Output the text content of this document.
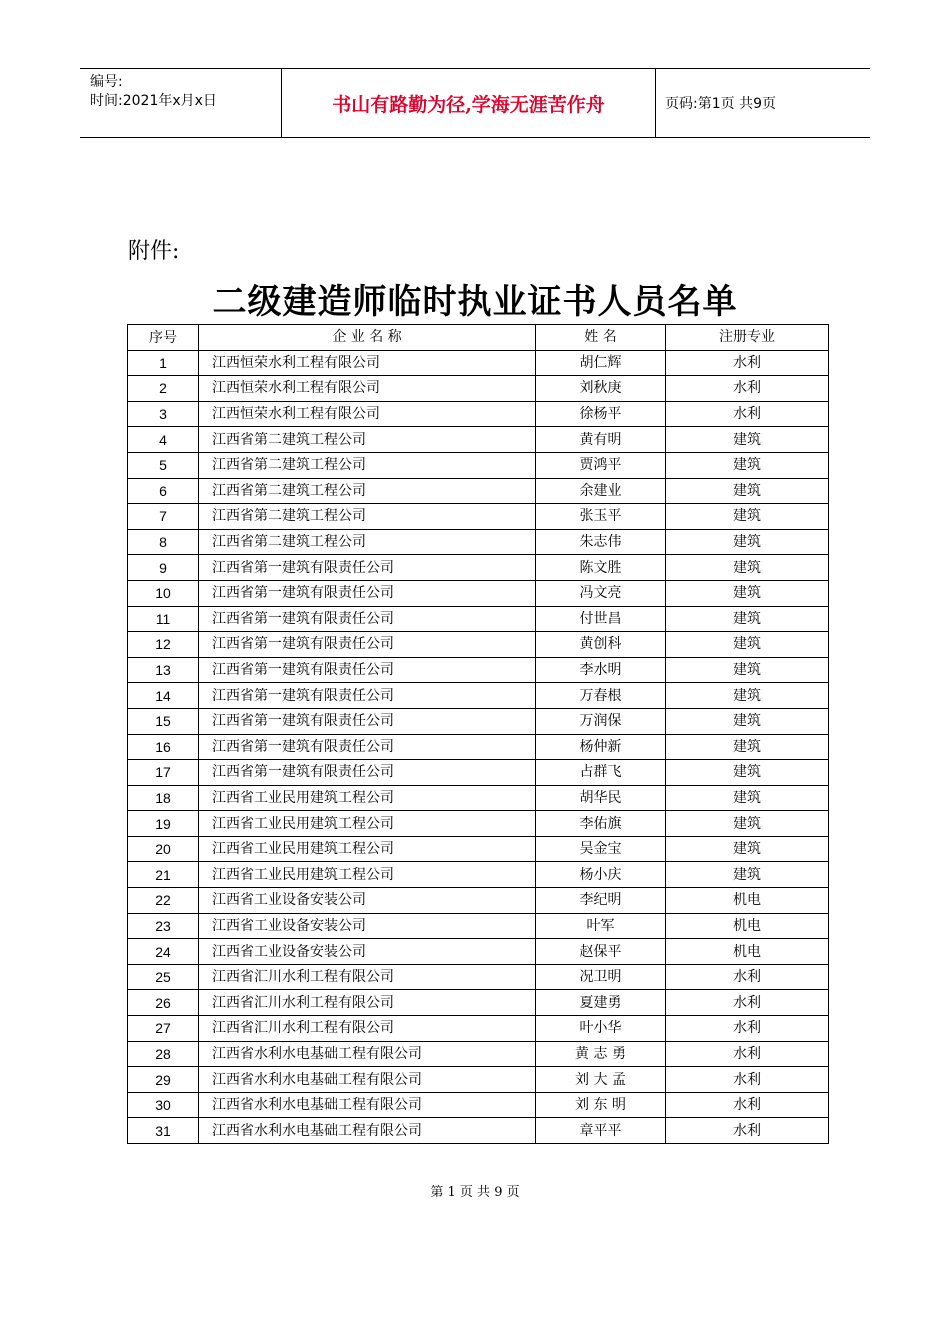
编号:
时间:2021年x月x日	书山有路勤为径,学海无涯苦作舟	页码:第1页 共9页
附件:
二级建造师临时执业证书人员名单
序号	企 业 名 称	姓 名	注册专业
1	江西恒荣水利工程有限公司	胡仁辉	水利
2	江西恒荣水利工程有限公司	刘秋庚	水利
3	江西恒荣水利工程有限公司	徐杨平	水利
4	江西省第二建筑工程公司	黄有明	建筑
5	江西省第二建筑工程公司	贾鸿平	建筑
6	江西省第二建筑工程公司	余建业	建筑
7	江西省第二建筑工程公司	张玉平	建筑
8	江西省第二建筑工程公司	朱志伟	建筑
9	江西省第一建筑有限责任公司	陈文胜	建筑
10	江西省第一建筑有限责任公司	冯文亮	建筑
11	江西省第一建筑有限责任公司	付世昌	建筑
12	江西省第一建筑有限责任公司	黄创科	建筑
13	江西省第一建筑有限责任公司	李水明	建筑
14	江西省第一建筑有限责任公司	万春根	建筑
15	江西省第一建筑有限责任公司	万润保	建筑
16	江西省第一建筑有限责任公司	杨仲新	建筑
17	江西省第一建筑有限责任公司	占群飞	建筑
18	江西省工业民用建筑工程公司	胡华民	建筑
19	江西省工业民用建筑工程公司	李佑旗	建筑
20	江西省工业民用建筑工程公司	吴金宝	建筑
21	江西省工业民用建筑工程公司	杨小庆	建筑
22	江西省工业设备安装公司	李纪明	机电
23	江西省工业设备安装公司	叶军	机电
24	江西省工业设备安装公司	赵保平	机电
25	江西省汇川水利工程有限公司	况卫明	水利
26	江西省汇川水利工程有限公司	夏建勇	水利
27	江西省汇川水利工程有限公司	叶小华	水利
28	江西省水利水电基础工程有限公司	黄 志 勇	水利
29	江西省水利水电基础工程有限公司	刘 大 孟	水利
30	江西省水利水电基础工程有限公司	刘 东 明	水利
31	江西省水利水电基础工程有限公司	章平平	水利
第 1 页 共 9 页
